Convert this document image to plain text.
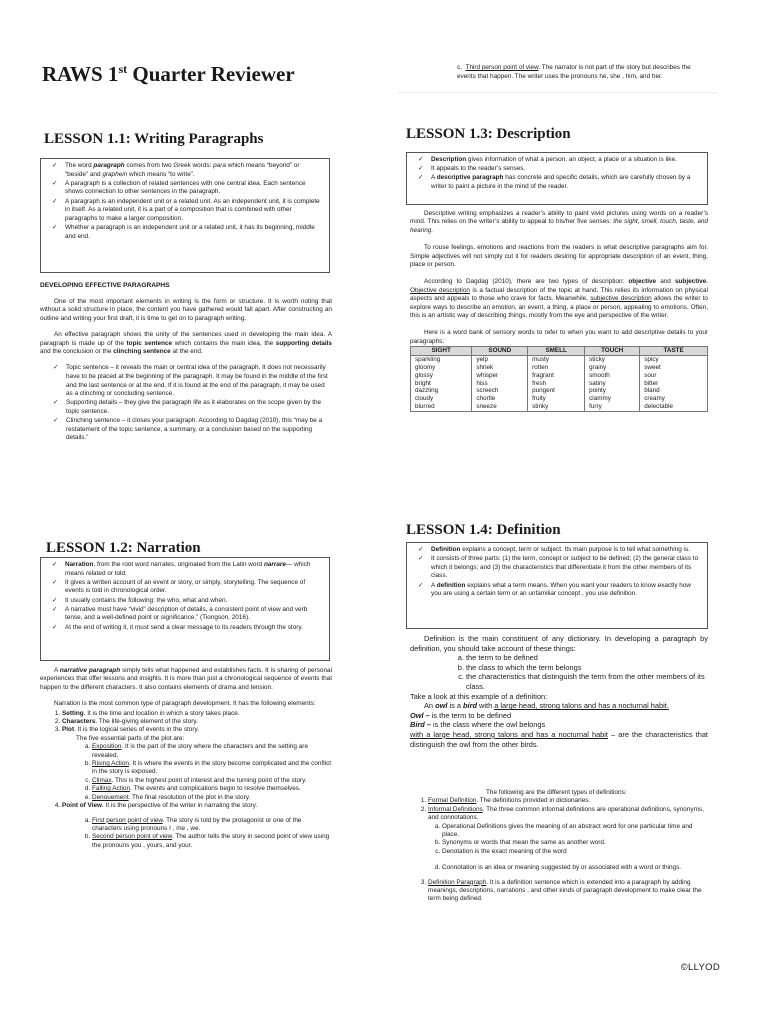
RAWS 1st Quarter Reviewer	c. Third person point of view. The narrator is not part of the story but describes the events that happen. The writer uses the pronouns he, she , him, and her.
LESSON 1.1: Writing Paragraphs
✓ The word paragraph comes from two Greek words: para which means “beyond” or “beside” and graphein which means “to write”.
✓ A paragraph is a collection of related sentences with one central idea. Each sentence shows connection to other sentences in the paragraph.
✓ A paragraph is an independent unit or a related unit. As an independent unit, it is complete in itself. As a related unit, it is a part of a composition that is combined with other paragraphs to make a larger composition.
✓ Whether a paragraph is an independent unit or a related unit, it has its beginning, middle and end.
DEVELOPING EFFECTIVE PARAGRAPHS

One of the most important elements in writing is the form or structure. It is worth noting that without a solid structure in place, the content you have gathered would fall apart. After constructing an outline and writing your first draft, it is time to get on to paragraph writing.

An effective paragraph shows the unity of the sentences used in developing the main idea. A paragraph is made up of the topic sentence which contains the main idea, the supporting details and the conclusion or the clinching sentence at the end.

✓ Topic sentence – it reveals the main or central idea of the paragraph. It does not necessarily have to be placed at the beginning of the paragraph. It may be found in the middle of the first and the last sentence or at the end. If it is found at the end of the paragraph, it may be used as a clinching or concluding sentence.
✓ Supporting details – they give the paragraph life as it elaborates on the scope given by the topic sentence.
✓ Clinching sentence – it closes your paragraph. According to Dagdag (2010), this “may be a restatement of the topic sentence, a summary, or a conclusion based on the supporting details.”
LESSON 1.2: Narration
✓ Narration, from the root word narrates, originated from the Latin word narrare— which means related or told.
✓ It gives a written account of an event or story, or simply, storytelling. The sequence of events is told in chronological order.
✓ It usually contains the following: the who, what and when.
✓ A narrative must have “vivid” description of details, a consistent point of view and verb tense, and a well-defined point or significance.” (Tiongson, 2016).
✓ At the end of writing it, it must send a clear message to its readers through the story.

A narrative paragraph simply tells what happened and establishes facts. It is sharing of personal experiences that offer lessons and insights. It is more than just a chronological sequence of events that happen to the different characters. It also contains elements of drama and tension.

Narration is the most common type of paragraph development. It has the following elements:

1. Setting. It is the time and location in which a story takes place.
2. Characters. The life-giving element of the story.
3. Plot. It is the logical series of events in the story.
The five essential parts of the plot are:
a. Exposition. It is the part of the story where the characters and the setting are revealed.
b. Rising Action. It is where the events in the story become complicated and the conflict in the story is exposed.
c. Climax. This is the highest point of interest and the turning point of the story.
d. Falling Action. The events and complications begin to resolve themselves.
e. Denouement. The final resolution of the plot in the story.
4. Point of View. It is the perspective of the writer in narrating the story.
a. First person point of view. The story is told by the protagonist or one of the characters using pronouns I , me , we.
b. Second person point of view. The author tells the story in second point of view using the pronouns you , yours, and your.
LESSON 1.3: Description
✓ Description gives information of what a person, an object, a place or a situation is like.
✓ It appeals to the reader’s senses.
✓ A descriptive paragraph has concrete and specific details, which are carefully chosen by a writer to paint a picture in the mind of the reader.

Descriptive writing emphasizes a reader’s ability to paint vivid pictures using words on a reader’s mind. This relies on the writer’s ability to appeal to his/her five senses: the sight, smell, touch, taste, and hearing.

To rouse feelings, emotions and reactions from the readers is what descriptive paragraphs aim for. Simple adjectives will not simply cut it for readers desiring for appropriate description of an event, thing, place or person.

According to Dagdag (2010), there are two types of description: objective and subjective. Objective description is a factual description of the topic at hand. This relies its information on physical aspects and appeals to those who crave for facts. Meanwhile, subjective description allows the writer to explore ways to describe an emotion, an event, a thing, a place or person, appealing to emotions. Often, this is an artistic way of describing things, mostly from the eye and perspective of the writer.

Here is a word bank of sensory words to refer to when you want to add descriptive details to your paragraphs:

SIGHT	SOUND	SMELL	TOUCH	TASTE
sparkling	yelp	musty	sticky	spicy
gloomy	shriek	rotten	grainy	sweet
glossy	whisper	fragrant	smooth	sour
bright	hiss	fresh	satiny	bitter
dazzling	screech	pungent	pointy	bland
cloudy	chortle	fruity	clammy	creamy
blurred	sneeze	stinky	furry	delectable
LESSON 1.4: Definition
✓ Definition explains a concept, term or subject. Its main purpose is to tell what something is.
✓ It consists of three parts: (1) the term, concept or subject to be defined; (2) the general class to which it belongs; and (3) the characteristics that differentiate it from the other members of its class.
✓ A definition explains what a term means. When you want your readers to know exactly how you are using a certain term or an unfamiliar concept , you use definition.

Definition is the main constituent of any dictionary. In developing a paragraph by definition, you should take account of these things:

a. the term to be defined
b. the class to which the term belongs
c. the characteristics that distinguish the term from the other members of its class.
Take a look at this example of a definition:
An owl is a bird with a large head, strong talons and has a nocturnal habit.
Owl – is the term to be defined
Bird – is the class where the owl belongs
with a large head, strong talons and has a nocturnal habit – are the characteristics that distinguish the owl from the other birds.
The following are the different types of definitions:
1. Formal Definition. The definitions provided in dictionaries.
2. Informal Definitions. The three common informal definitions are operational definitions, synonyms, and connotations.
a. Operational Definitions gives the meaning of an abstract word for one particular time and place.
b. Synonyms or words that mean the same as another word.
c. Denotation is the exact meaning of the word
d. Connotation is an idea or meaning suggested by or associated with a word or things.
3. Definition Paragraph. It is a definition sentence which is extended into a paragraph by adding meanings, descriptions, narrations , and other kinds of paragraph development to make clear the term being defined.
©LLYOD
